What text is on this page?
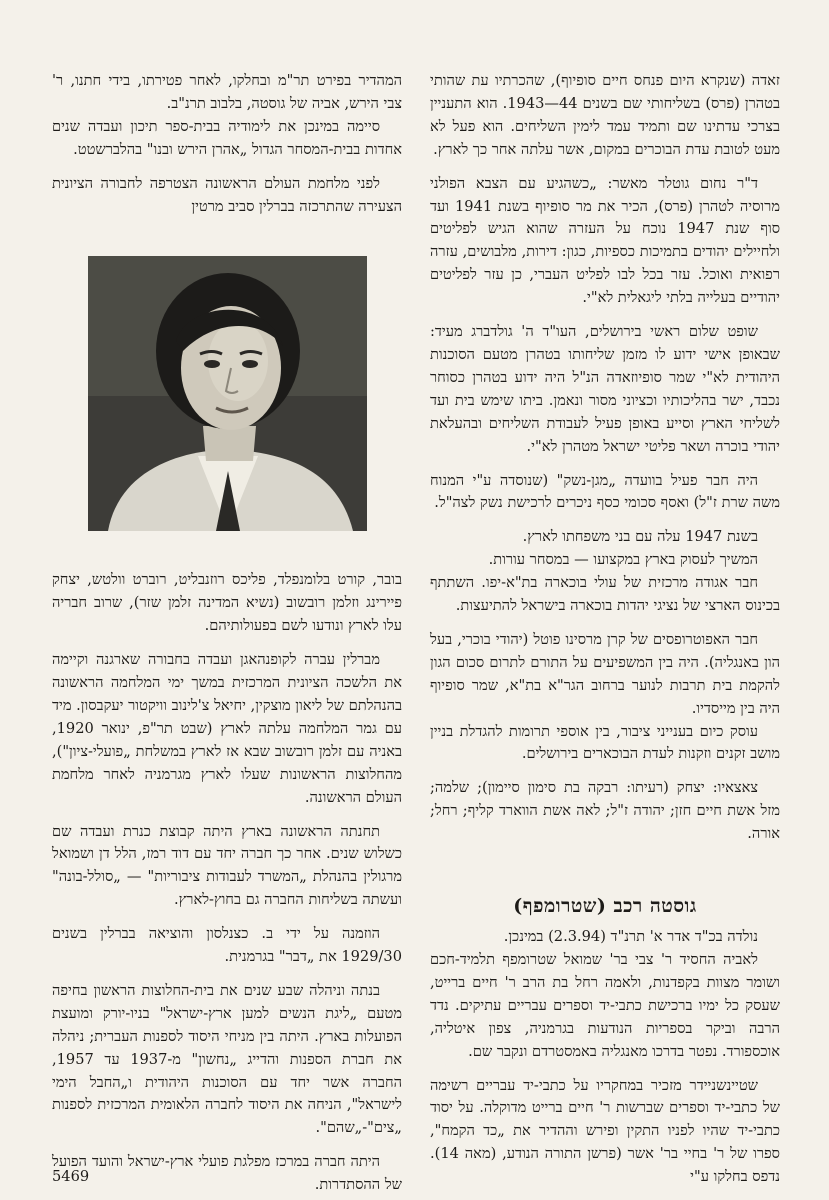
זאדה (שנקרא היום פנחס חיים סופיוף), שהכרתיו עת שהותי בטהרן (פרס) בשליחותי שם בשנים 44—1943. הוא התעניין בצרכי עדתינו שם ותמיד עמד לימין השליחים. הוא פעל לא מעט לטובת עדת הבוכרים במקום, אשר עלתה אחר כך לארץ.

ד"ר נחום גוטלר מאשר: „כשהגיע עם הצבא הפולני מרוסיה לטהרן (פרס), הכיר את מר סופיוף בשנת 1941 ועד סוף שנת 1947 נוכח על העזרה שהוא הגיש לפליטים ולחיילים יהודים בתמיכות כספיות, כגון: דירות, מלבושים, עזרה רפואית ואוכל. עזר בכל לבו לפליט העברי, כן עזר לפליטים יהודיים בעלייה בלתי ליגאלית לא"י.

שופט שלום ראשי בירושלים, העו"ד ה' גולדברג מעיד: שבאופן אישי ידוע לו מזמן שליחותו בטהרן מטעם הסוכנות היהודית לא"י שמר סופיוזאדה הנ"ל היה ידוע בטהרן כסוחר נכבד, ישר בהליכותיו וכציוני מסור ונאמן. ביתו שימש בית ועד לשליחי הארץ וסייע באופן פעיל לעבודת השליחים ובהעלאת יהודי בוכרה ושאר פליטי ישראל מטהרן לא"י.

היה חבר פעיל בוועדה „מגן-נשק" (שנוסדה ע"י המנוח משה שרת ז"ל) ואסף סכומי כסף ניכרים לרכישת נשק לצה"ל.

בשנת 1947 עלה עם בני משפחתו לארץ.

המשיך לעסוק בארץ במקצועו — במסחר עורות.

חבר אגודה מרכזית של עולי בוכארה בת"א-יפו. השתתף בכינוס הארצי של נציגי יהדות בוכארה בישראל להתיעצות.

חבר האפוטרופסים של קרן מרסינו פוטל (יהודי בוכרי, בעל הון באנגליה). היה בין המשפיעים על התורם לתרום סכום הגון להקמת בית תרבות לנוער ברחוב הגר"א בת"א, שמר סופיוף היה בין מייסדיו.

עוסק כיום בענייני ציבור, בין אוספי תרומות להגדלת בניין מושב זקנים וזקנות לעדת הבוכארים בירושלים.

צאצאיו: יצחק (רעיתו: רבקה בת סימון סיימון); שלמה; מזל אשת חיים חזן; יהודה ז"ל; לאה אשת הווארד קליף; רחל; אורה.

גוסטה רכב (שטרומפף)

נולדה בכ"ד אדר א' תרנ"ד (2.3.94) במינכן.

לאביה החסיד ר' צבי בר' שמואל שטרומפף תלמיד-חכם ושומר מצוות בקפדנות, ולאמה רחל בת הרב ר' חיים ברייט, שעסק כל ימיו ברכישת כתבי-יד וספרים עבריים עתיקים. נדד הרבה וביקר בספריות הנודעות בגרמניה, צפון איטליה, אוכספורד. נפטר בדרכו מאנגליה באמסטרדם ונקבר שם.

שטיינשניידר מזכיר במחקריו על כתבי-יד עבריים רשימה של כתבי-יד וספרים שברשות ר' חיים ברייט מדוקלה. על יסוד כתבי-יד שהיו לפניו התקין ופירש וההדיר את „כד הקמח", ספרו של ר' בחיי בר' אשר (פרשן התורה הנודע, (מאה 14). נדפס בחלקו ע"י

המהדיר בפירט תר"מ ובחלקו, לאחר פטירתו, בידי חתנו, ר' צבי הירש, אביה של גוסטה, בלבוב תרנ"ב.

סיימה במינכן את לימודיה בבית-ספר תיכון ועבדה שנים אחדות בבית-המסחר הגדול „אהרן הירש ובנו" בהלברשטט.

לפני מלחמת העולם הראשונה הצטרפה לחבורה הציונית הצעירה שהתרכזה בברלין סביב מרטין

בובר, קורט בלומנפלד, פליכס רוזנבליט, רוברט וולטש, יצחק פיירינג וזלמן רובשוב (נשיא המדינה זלמן שזר), שרוב חבריה עלו לארץ ונודעו לשם בפעולותיהם.

מברלין עברה לקופנהאגן ועבדה בחבורה שארגנה וקיימה את הלשכה הציונית המרכזית במשך ימי המלחמה הראשונה בהנהלתם של ליאון מוצקין, יחיאל צ'לינוב וויקטור יעקבסון. מיד עם גמר המלחמה עלתה לארץ (שבט תר"פ, ינואר 1920, באניה עם זלמן רובשוב שבא אז לארץ במשלחת „פועלי-ציון"), מהחלוצות הראשונות שעלו לארץ מגרמניה לאחר מלחמת העולם הראשונה.

תחנתה הראשונה בארץ היתה קבוצת כנרת ועבדה שם כשלוש שנים. אחר כך חברה יחד עם דוד רמז, הלל דן ושמואל מרגולין בהנהלת „המשרד לעבודות ציבוריות" — „סולל-בונה" ועשתה בשליחות החברה גם בחוץ-לארץ.

הוזמנה על ידי ב. כצנלסון והוציאה בברלין בשנים 1929/30 את „דבר" בגרמנית.

בנתה וניהלה שבע שנים את בית-החלוצות הראשון בחיפה מטעם „ליגת הנשים למען ארץ-ישראל" בניו-יורק ומועצת הפועלות בארץ. היתה בין מניחי היסוד לספנות העברית; ניהלה את חברת הספנות והדייג „נחשון" מ-1937 עד 1957, החברה אשר יחד עם הסוכנות היהודית ו„החבל הימי לישראל", הניחה את היסוד לחברה הלאומית המרכזית לספנות „צים"-„שהם".

היתה חברה במרכז מפלגת פועלי ארץ-ישראל והועד הפועל של ההסתדרות.

5469
